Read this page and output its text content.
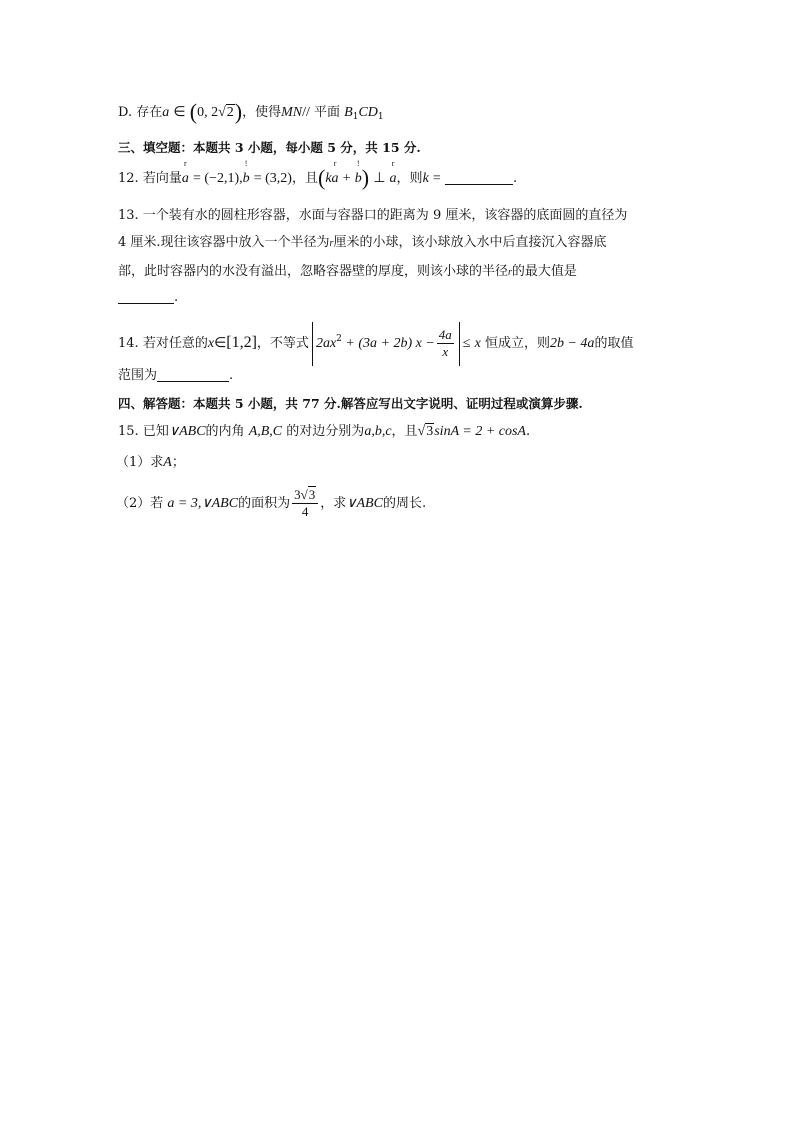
D. 存在a ∈ (0, 2√2)，使得MN// 平面 $B_1CD_1$
三、填空题：本题共 3 小题，每小题 5 分，共 15 分.
12. 若向量
r
a = (−2,1),
!
b = (3,2)，且(k
r
a +
!
b) ⊥
r
a，则k =	.
13. 一个装有水的圆柱形容器，水面与容器口的距离为 9 厘米，该容器的底面圆的直径为
4 厘米.现往该容器中放入一个半径为r厘米的小球，该小球放入水中后直接沉入容器底
部，此时容器内的水没有溢出，忽略容器壁的厚度，则该小球的半径r的最大值是
.
14. 若对任意的x∈[1,2]，不等式 $2ax^2 + (3a + 2b) x - \frac{4a}{x} \le x$ 恒成立，则2b − 4a的取值
范围为	.
四、解答题：本题共 5 小题，共 77 分.解答应写出文字说明、证明过程或演算步骤.
15. 已知∨ABC的内角 A,B,C 的对边分别为a,b,c，且√3sinA = 2 + cosA.
（1）求A；
（2）若 a = 3,∨ABC的面积为 $\frac{3√3}{4}$ ，求∨ABC的周长.
